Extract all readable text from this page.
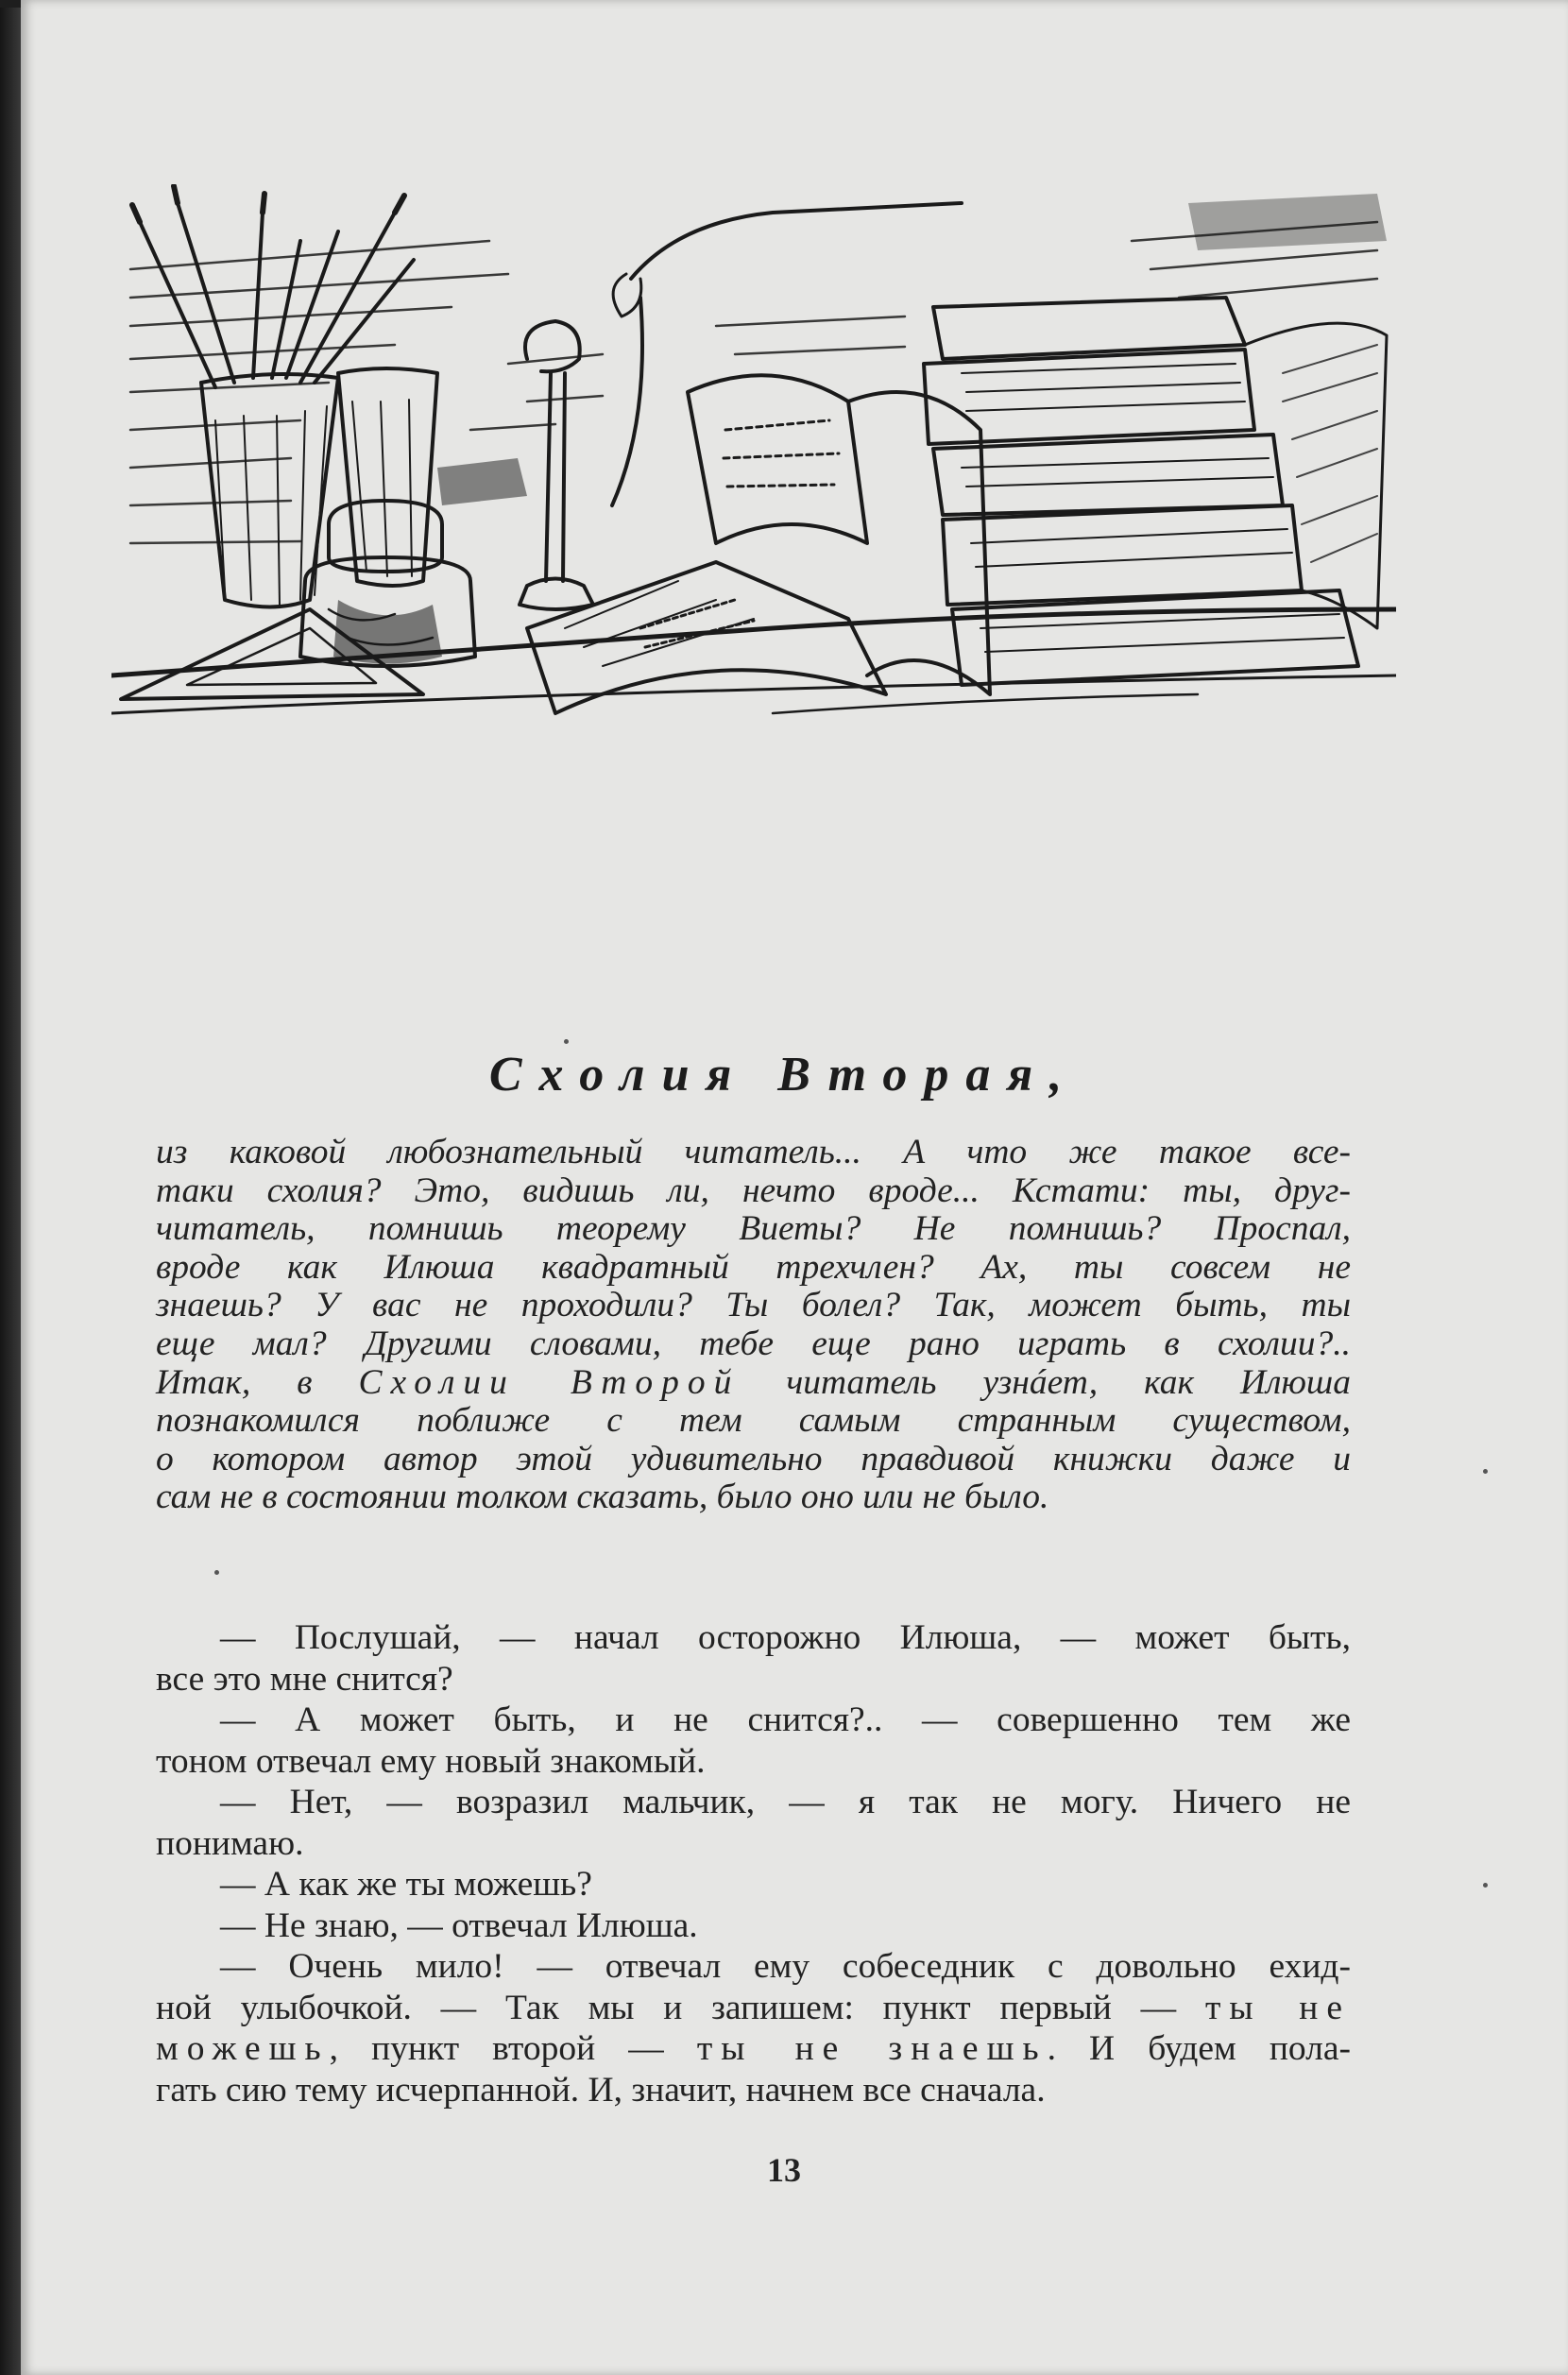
Схолия Вторая,
из каковой любознательный читатель... А что же такое все-
таки схолия? Это, видишь ли, нечто вроде... Кстати: ты, друг-
читатель, помнишь теорему Виеты? Не помнишь? Проспал,
вроде как Илюша квадратный трехчлен? Ах, ты совсем не
знаешь? У вас не проходили? Ты болел? Так, может быть, ты
еще мал? Другими словами, тебе еще рано играть в схолии?..
Итак, в Схолии Второй читатель узнáет, как Илюша
познакомился поближе с тем самым странным существом,
о котором автор этой удивительно правдивой книжки даже и
сам не в состоянии толком сказать, было оно или не было.
— Послушай, — начал осторожно Илюша, — может быть,
все это мне снится?
— А может быть, и не снится?.. — совершенно тем же
тоном отвечал ему новый знакомый.
— Нет, — возразил мальчик, — я так не могу. Ничего не
понимаю.
— А как же ты можешь?
— Не знаю, — отвечал Илюша.
— Очень мило! — отвечал ему собеседник с довольно ехид-
ной улыбочкой. — Так мы и запишем: пункт первый — ты не
можешь, пункт второй — ты не знаешь. И будем пола-
гать сию тему исчерпанной. И, значит, начнем все сначала.
13
